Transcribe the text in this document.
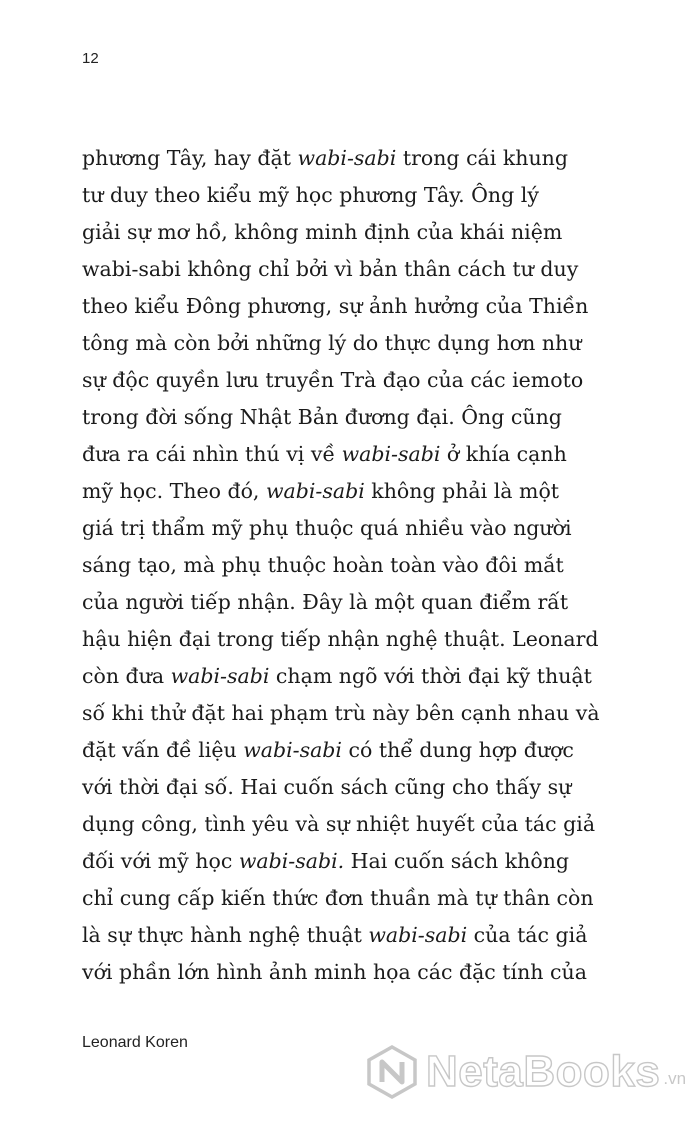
12
phương Tây, hay đặt wabi-sabi trong cái khung
tư duy theo kiểu mỹ học phương Tây. Ông lý
giải sự mơ hồ, không minh định của khái niệm
wabi-sabi không chỉ bởi vì bản thân cách tư duy
theo kiểu Đông phương, sự ảnh hưởng của Thiền
tông mà còn bởi những lý do thực dụng hơn như
sự độc quyền lưu truyền Trà đạo của các iemoto
trong đời sống Nhật Bản đương đại. Ông cũng
đưa ra cái nhìn thú vị về wabi-sabi ở khía cạnh
mỹ học. Theo đó, wabi-sabi không phải là một
giá trị thẩm mỹ phụ thuộc quá nhiều vào người
sáng tạo, mà phụ thuộc hoàn toàn vào đôi mắt
của người tiếp nhận. Đây là một quan điểm rất
hậu hiện đại trong tiếp nhận nghệ thuật. Leonard
còn đưa wabi-sabi chạm ngõ với thời đại kỹ thuật
số khi thử đặt hai phạm trù này bên cạnh nhau và
đặt vấn đề liệu wabi-sabi có thể dung hợp được
với thời đại số. Hai cuốn sách cũng cho thấy sự
dụng công, tình yêu và sự nhiệt huyết của tác giả
đối với mỹ học wabi-sabi. Hai cuốn sách không
chỉ cung cấp kiến thức đơn thuần mà tự thân còn
là sự thực hành nghệ thuật wabi-sabi của tác giả
với phần lớn hình ảnh minh họa các đặc tính của
Leonard Koren
NetaBooks .vn
